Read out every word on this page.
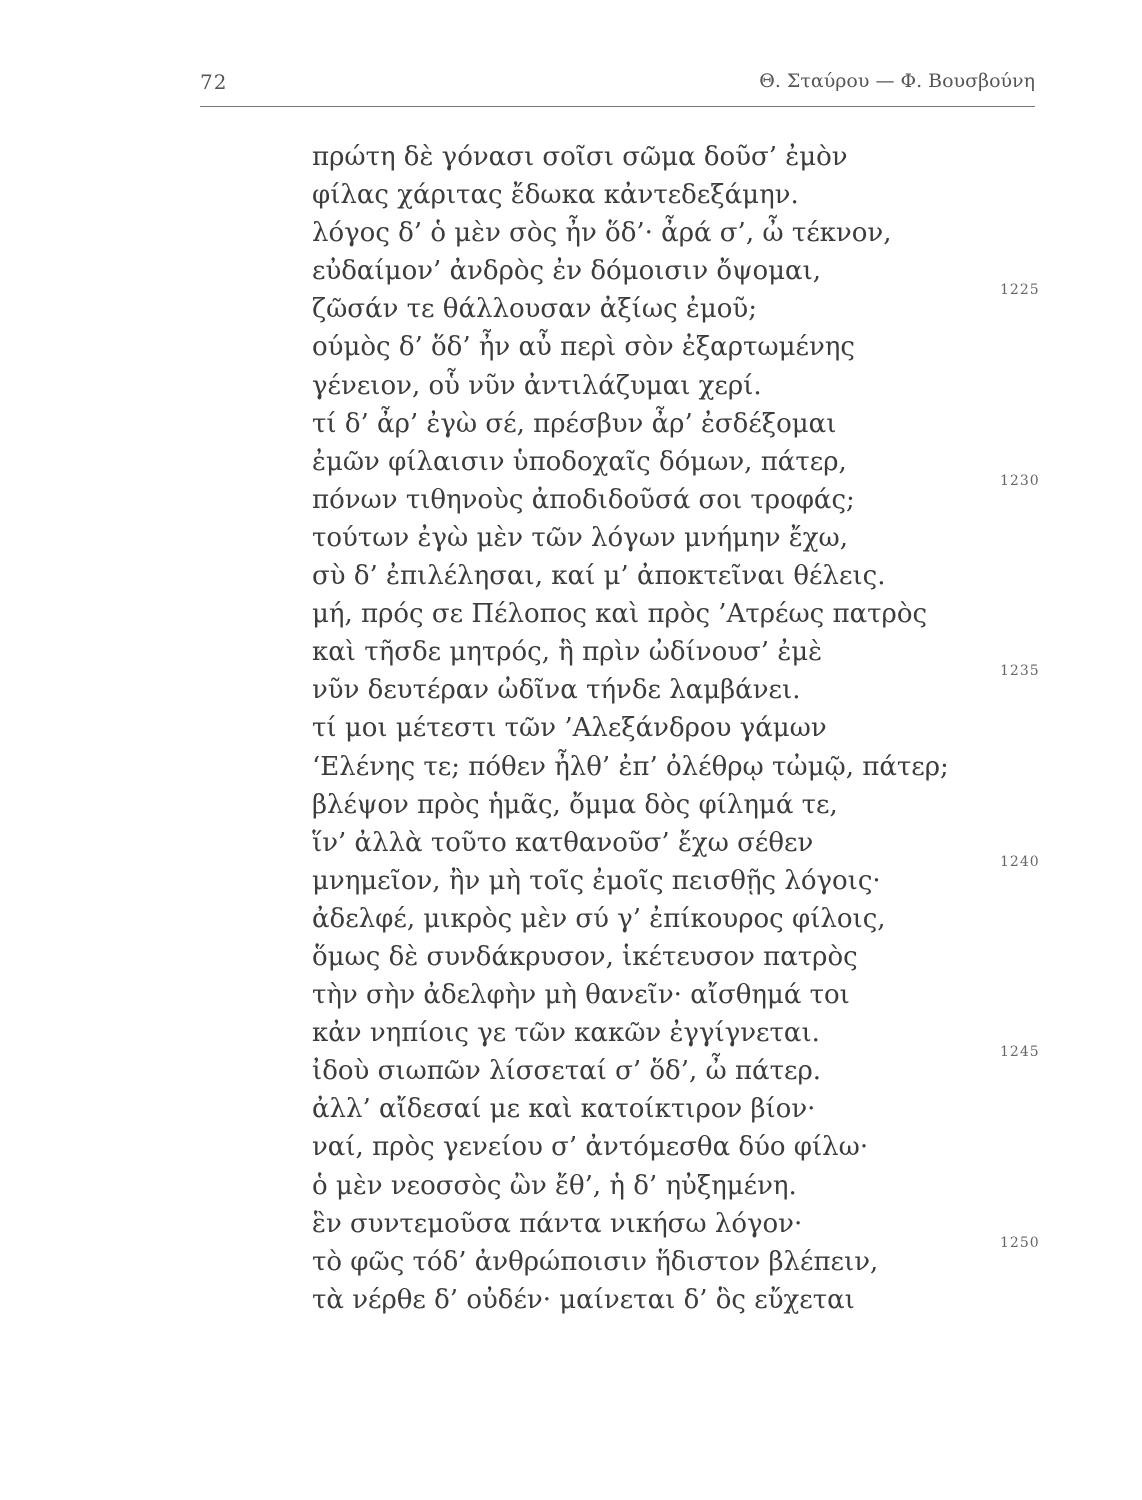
72	Θ. Σταύρου — Φ. Βουσβούνη
πρώτη δὲ γόνασι σοῖσι σῶμα δοῦσ’ ἐμὸν
φίλας χάριτας ἔδωκα κἀντεδεξάμην.
λόγος δ’ ὁ μὲν σὸς ἦν ὅδ’· ἆρά σ’, ὦ τέκνον,
εὐδαίμον’ ἀνδρὸς ἐν δόμοισιν ὄψομαι,
ζῶσάν τε θάλλουσαν ἀξίως ἐμοῦ;
1225
ούμὸς δ’ ὅδ’ ἦν αὖ περὶ σὸν ἐξαρτωμένης
γένειον, οὗ νῦν ἀντιλάζυμαι χερί.
τί δ’ ἆρ’ ἐγὼ σέ, πρέσβυν ἆρ’ ἐσδέξομαι
ἐμῶν φίλαισιν ὑποδοχαῖς δόμων, πάτερ,
πόνων τιθηνοὺς ἀποδιδοῦσά σοι τροφάς;
1230
τούτων ἐγὼ μὲν τῶν λόγων μνήμην ἔχω,
σὺ δ’ ἐπιλέλησαι, καί μ’ ἀποκτεῖναι θέλεις.
μή, πρός σε Πέλοπος καὶ πρὸς ’Ατρέως πατρὸς
καὶ τῆσδε μητρός, ἣ πρὶν ὠδίνουσ’ ἐμὲ
νῦν δευτέραν ὠδῖνα τήνδε λαμβάνει.
1235
τί μοι μέτεστι τῶν ’Αλεξάνδρου γάμων
‘Ελένης τε; πόθεν ἦλθ’ ἐπ’ ὀλέθρῳ τὠμῷ, πάτερ;
βλέψον πρὸς ἡμᾶς, ὄμμα δὸς φίλημά τε,
ἵν’ ἀλλὰ τοῦτο κατθανοῦσ’ ἔχω σέθεν
μνημεῖον, ἢν μὴ τοῖς ἐμοῖς πεισθῇς λόγοις·
1240
ἀδελφέ, μικρὸς μὲν σύ γ’ ἐπίκουρος φίλοις,
ὅμως δὲ συνδάκρυσον, ἱκέτευσον πατρὸς
τὴν σὴν ἀδελφὴν μὴ θανεῖν· αἴσθημά τοι
κἀν νηπίοις γε τῶν κακῶν ἐγγίγνεται.
ἰδοὺ σιωπῶν λίσσεταί σ’ ὅδ’, ὦ πάτερ.
1245
ἀλλ’ αἴδεσαί με καὶ κατοίκτιρον βίον·
ναί, πρὸς γενείου σ’ ἀντόμεσθα δύο φίλω·
ὁ μὲν νεοσσὸς ὢν ἔθ’, ἡ δ’ ηὐξημένη.
ἓν συντεμοῦσα πάντα νικήσω λόγον·
τὸ φῶς τόδ’ ἀνθρώποισιν ἥδιστον βλέπειν,
1250
τὰ νέρθε δ’ οὐδέν· μαίνεται δ’ ὃς εὔχεται
